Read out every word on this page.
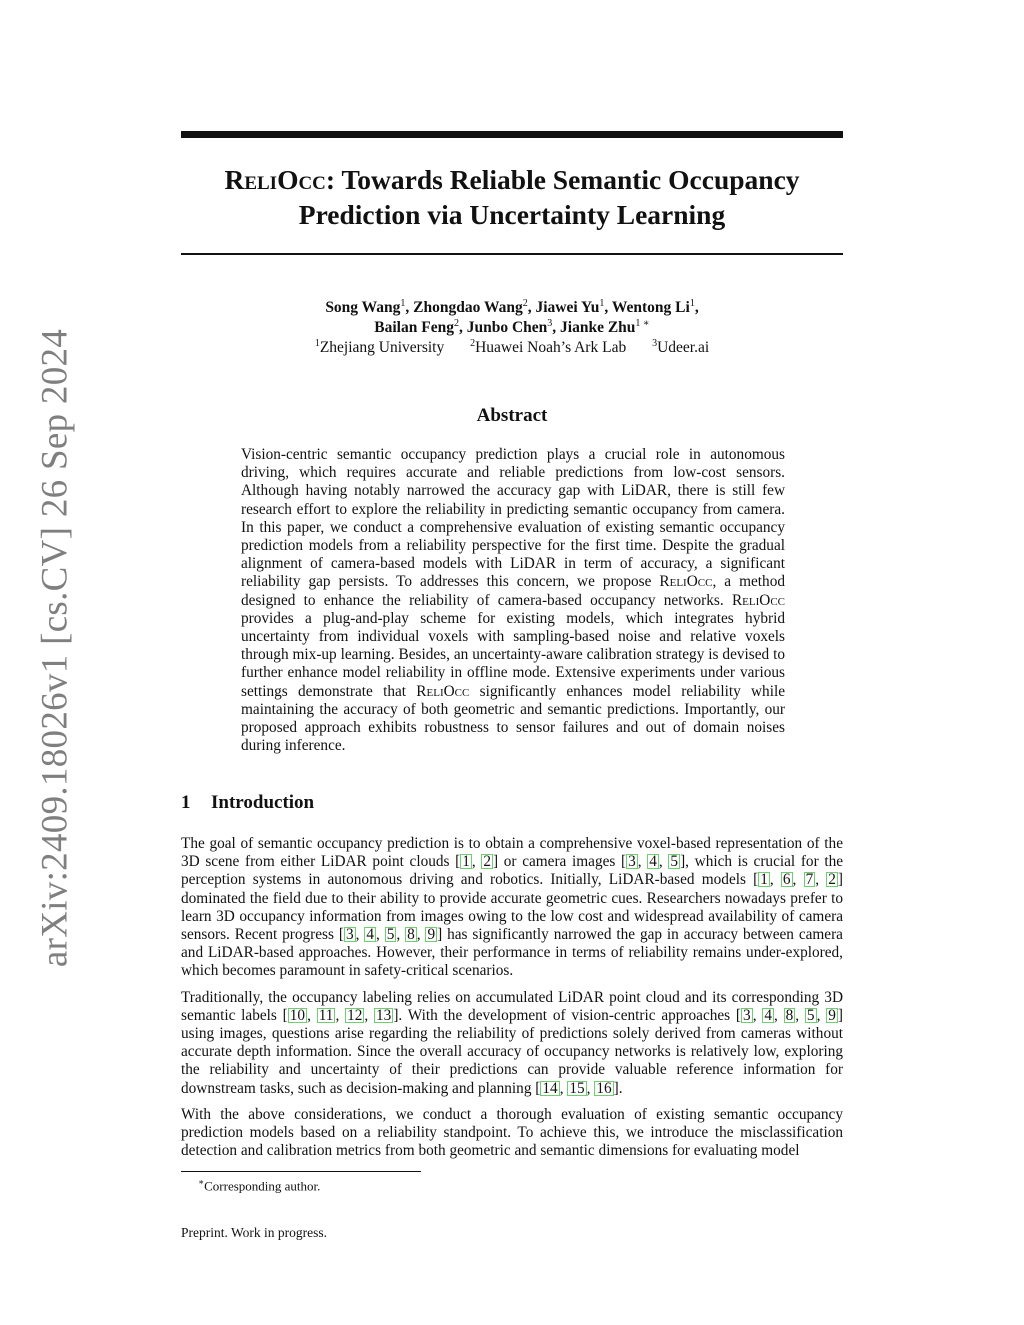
arXiv:2409.18026v1 [cs.CV] 26 Sep 2024
ReliOcc: Towards Reliable Semantic Occupancy
Prediction via Uncertainty Learning
Song Wang$^1$, Zhongdao Wang$^2$, Jiawei Yu$^1$, Wentong Li$^1$,
Bailan Feng$^2$, Junbo Chen$^3$, Jianke Zhu$^{1 ∗}$
$^1$Zhejiang University	$^2$Huawei Noah’s Ark Lab	$^3$Udeer.ai
Abstract
Vision-centric semantic occupancy prediction plays a crucial role in autonomous driving, which requires accurate and reliable predictions from low-cost sensors. Although having notably narrowed the accuracy gap with LiDAR, there is still few research effort to explore the reliability in predicting semantic occupancy from camera. In this paper, we conduct a comprehensive evaluation of existing semantic occupancy prediction models from a reliability perspective for the first time. Despite the gradual alignment of camera-based models with LiDAR in term of accuracy, a significant reliability gap persists. To addresses this concern, we propose ReliOcc, a method designed to enhance the reliability of camera-based occupancy networks. ReliOcc provides a plug-and-play scheme for existing models, which integrates hybrid uncertainty from individual voxels with sampling-based noise and relative voxels through mix-up learning. Besides, an uncertainty-aware calibration strategy is devised to further enhance model reliability in offline mode. Extensive experiments under various settings demonstrate that ReliOcc significantly enhances model reliability while maintaining the accuracy of both geometric and semantic predictions. Importantly, our proposed approach exhibits robustness to sensor failures and out of domain noises during inference.
1 Introduction

The goal of semantic occupancy prediction is to obtain a comprehensive voxel-based representation of the 3D scene from either LiDAR point clouds [ 1 , 2 ] or camera images [ 3 , 4 , 5 ], which is crucial for the perception systems in autonomous driving and robotics. Initially, LiDAR-based models [ 1 , 6 , 7 , 2 ] dominated the field due to their ability to provide accurate geometric cues. Researchers nowadays prefer to learn 3D occupancy information from images owing to the low cost and widespread availability of camera sensors. Recent progress [ 3 , 4 , 5 , 8 , 9 ] has significantly narrowed the gap in accuracy between camera and LiDAR-based approaches. However, their performance in terms of reliability remains under-explored, which becomes paramount in safety-critical scenarios.

Traditionally, the occupancy labeling relies on accumulated LiDAR point cloud and its corresponding 3D semantic labels [ 10 , 11 , 12 , 13 ]. With the development of vision-centric approaches [ 3 , 4 , 8 , 5 , 9 ] using images, questions arise regarding the reliability of predictions solely derived from cameras without accurate depth information. Since the overall accuracy of occupancy networks is relatively low, exploring the reliability and uncertainty of their predictions can provide valuable reference information for downstream tasks, such as decision-making and planning [ 14 , 15 , 16 ].

With the above considerations, we conduct a thorough evaluation of existing semantic occupancy prediction models based on a reliability standpoint. To achieve this, we introduce the misclassification detection and calibration metrics from both geometric and semantic dimensions for evaluating model

∗Corresponding author.
Preprint. Work in progress.
